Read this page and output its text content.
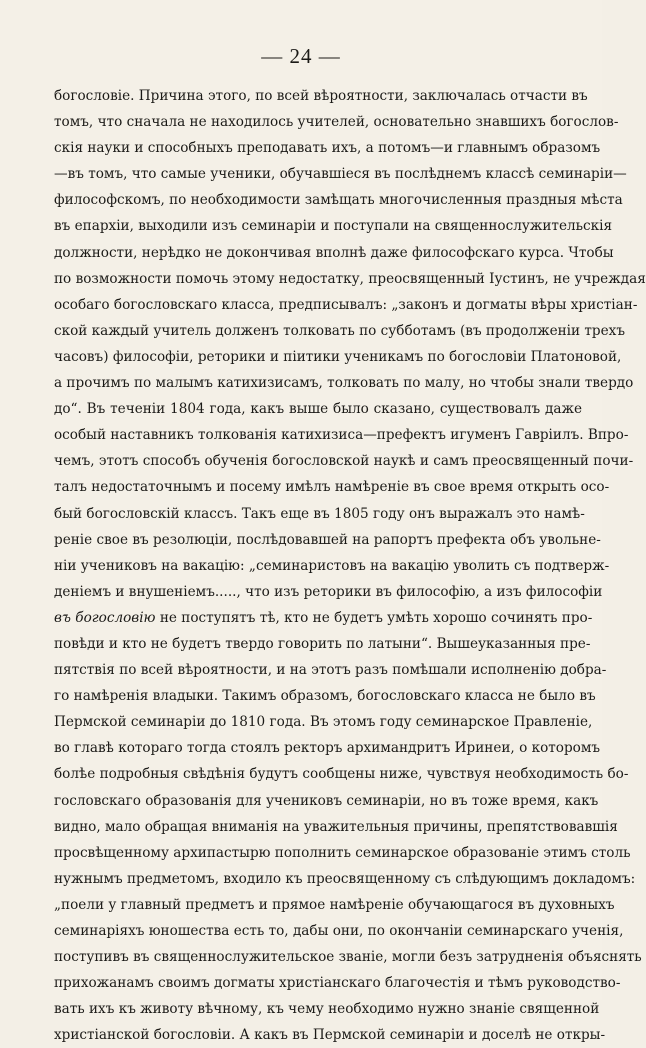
— 24 —
богословіе. Причина этого, по всей вѣроятности, заключалась отчасти въ
томъ, что сначала не находилось учителей, основательно знавшихъ богослов-
скія науки и способныхъ преподавать ихъ, а потомъ—и главнымъ образомъ
—въ томъ, что самые ученики, обучавшіеся въ послѣднемъ классѣ семинаріи—
философскомъ, по необходимости замѣщать многочисленныя праздныя мѣста
въ епархіи, выходили изъ семинаріи и поступали на священнослужительскія
должности, нерѣдко не докончивая вполнѣ даже философскаго курса. Чтобы
по возможности помочь этому недостатку, преосвященный Іустинъ, не учреждая
особаго богословскаго класса, предписывалъ: „законъ и догматы вѣры христіан-
ской каждый учитель долженъ толковать по субботамъ (въ продолженіи трехъ
часовъ) философіи, реторики и піитики ученикамъ по богословіи Платоновой,
а прочимъ по малымъ катихизисамъ, толковать по малу, но чтобы знали твердо
до“. Въ теченіи 1804 года, какъ выше было сказано, существовалъ даже
особый наставникъ толкованія катихизиса—префектъ игуменъ Гавріилъ. Впро-
чемъ, этотъ способъ обученія богословской наукѣ и самъ преосвященный почи-
талъ недостаточнымъ и посему имѣлъ намѣреніе въ свое время открыть осо-
бый богословскій классъ. Такъ еще въ 1805 году онъ выражалъ это намѣ-
реніе свое въ резолюціи, послѣдовавшей на рапортъ префекта объ увольне-
ніи учениковъ на вакацію: „семинаристовъ на вакацію уволить съ подтверж-
деніемъ и внушеніемъ....., что изъ реторики въ философію, а изъ философіи
въ богословію не поступятъ тѣ, кто не будетъ умѣть хорошо сочинять про-
повѣди и кто не будетъ твердо говорить по латыни“. Вышеуказанныя пре-
пятствія по всей вѣроятности, и на этотъ разъ помѣшали исполненію добра-
го намѣренія владыки. Такимъ образомъ, богословскаго класса не было въ
Пермской семинаріи до 1810 года. Въ этомъ году семинарское Правленіе,
во главѣ котораго тогда стоялъ ректоръ архимандритъ Иринеи, о которомъ
болѣе подробныя свѣдѣнія будутъ сообщены ниже, чувствуя необходимость бо-
гословскаго образованія для учениковъ семинаріи, но въ тоже время, какъ
видно, мало обращая вниманія на уважительныя причины, препятствовавшія
просвѣщенному архипастырю пополнить семинарское образованіе этимъ столь
нужнымъ предметомъ, входило къ преосвященному съ слѣдующимъ докладомъ:
„поели у главный предметъ и прямое намѣреніе обучающагося въ духовныхъ
семинаріяхъ юношества есть то, дабы они, по окончаніи семинарскаго ученія,
поступивъ въ священнослужительское званіе, могли безъ затрудненія объяснять
прихожанамъ своимъ догматы христіанскаго благочестія и тѣмъ руководство-
вать ихъ къ животу вѣчному, къ чему необходимо нужно знаніе священной
христіанской богословіи. А какъ въ Пермской семинаріи и доселѣ не откры-
